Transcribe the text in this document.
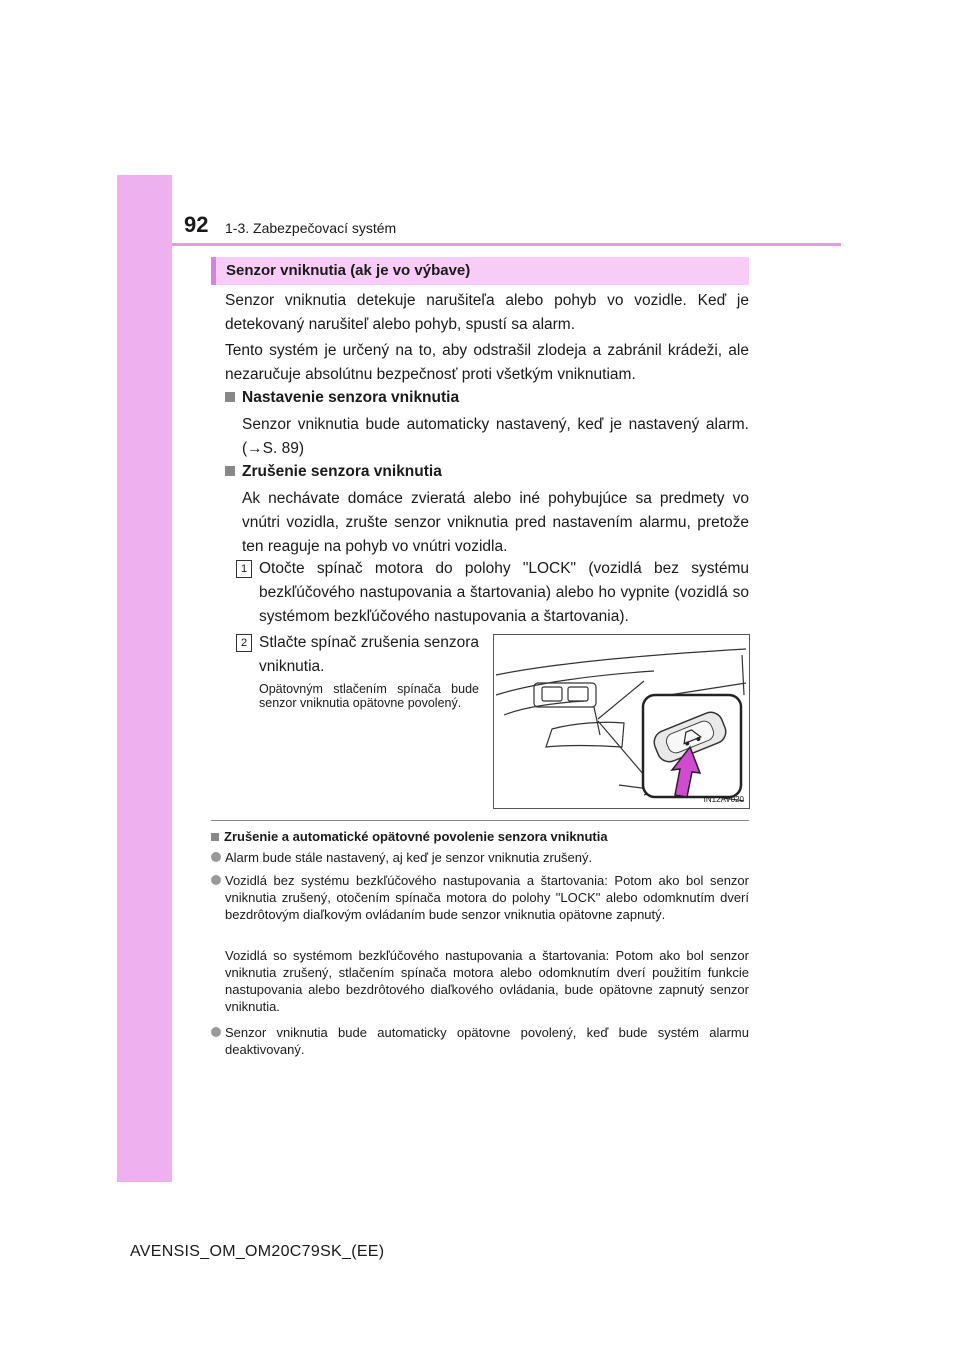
92 1-3. Zabezpečovací systém
Senzor vniknutia (ak je vo výbave)
Senzor vniknutia detekuje narušiteľa alebo pohyb vo vozidle. Keď je detekovaný narušiteľ alebo pohyb, spustí sa alarm.
Tento systém je určený na to, aby odstrašil zlodeja a zabránil krádeži, ale nezaručuje absolútnu bezpečnosť proti všetkým vniknutiam.
Nastavenie senzora vniknutia
Senzor vniknutia bude automaticky nastavený, keď je nastavený alarm. (→S. 89)
Zrušenie senzora vniknutia
Ak nechávate domáce zvieratá alebo iné pohybujúce sa predmety vo vnútri vozidla, zrušte senzor vniknutia pred nastavením alarmu, pretože ten reaguje na pohyb vo vnútri vozidla.
1 Otočte spínač motora do polohy "LOCK" (vozidlá bez systému bezkľúčového nastupovania a štartovania) alebo ho vypnite (vozidlá so systémom bezkľúčového nastupovania a štartovania).
2 Stlačte spínač zrušenia senzora vniknutia.
Opätovným stlačením spínača bude senzor vniknutia opätovne povolený.
IN12AV020
Zrušenie a automatické opätovné povolenie senzora vniknutia
Alarm bude stále nastavený, aj keď je senzor vniknutia zrušený.
Vozidlá bez systému bezkľúčového nastupovania a štartovania: Potom ako bol senzor vniknutia zrušený, otočením spínača motora do polohy "LOCK" alebo odomknutím dverí bezdrôtovým diaľkovým ovládaním bude senzor vniknutia opätovne zapnutý.
Vozidlá so systémom bezkľúčového nastupovania a štartovania: Potom ako bol senzor vniknutia zrušený, stlačením spínača motora alebo odomknutím dverí použitím funkcie nastupovania alebo bezdrôtového diaľkového ovládania, bude opätovne zapnutý senzor vniknutia.
Senzor vniknutia bude automaticky opätovne povolený, keď bude systém alarmu deaktivovaný.
AVENSIS_OM_OM20C79SK_(EE)
